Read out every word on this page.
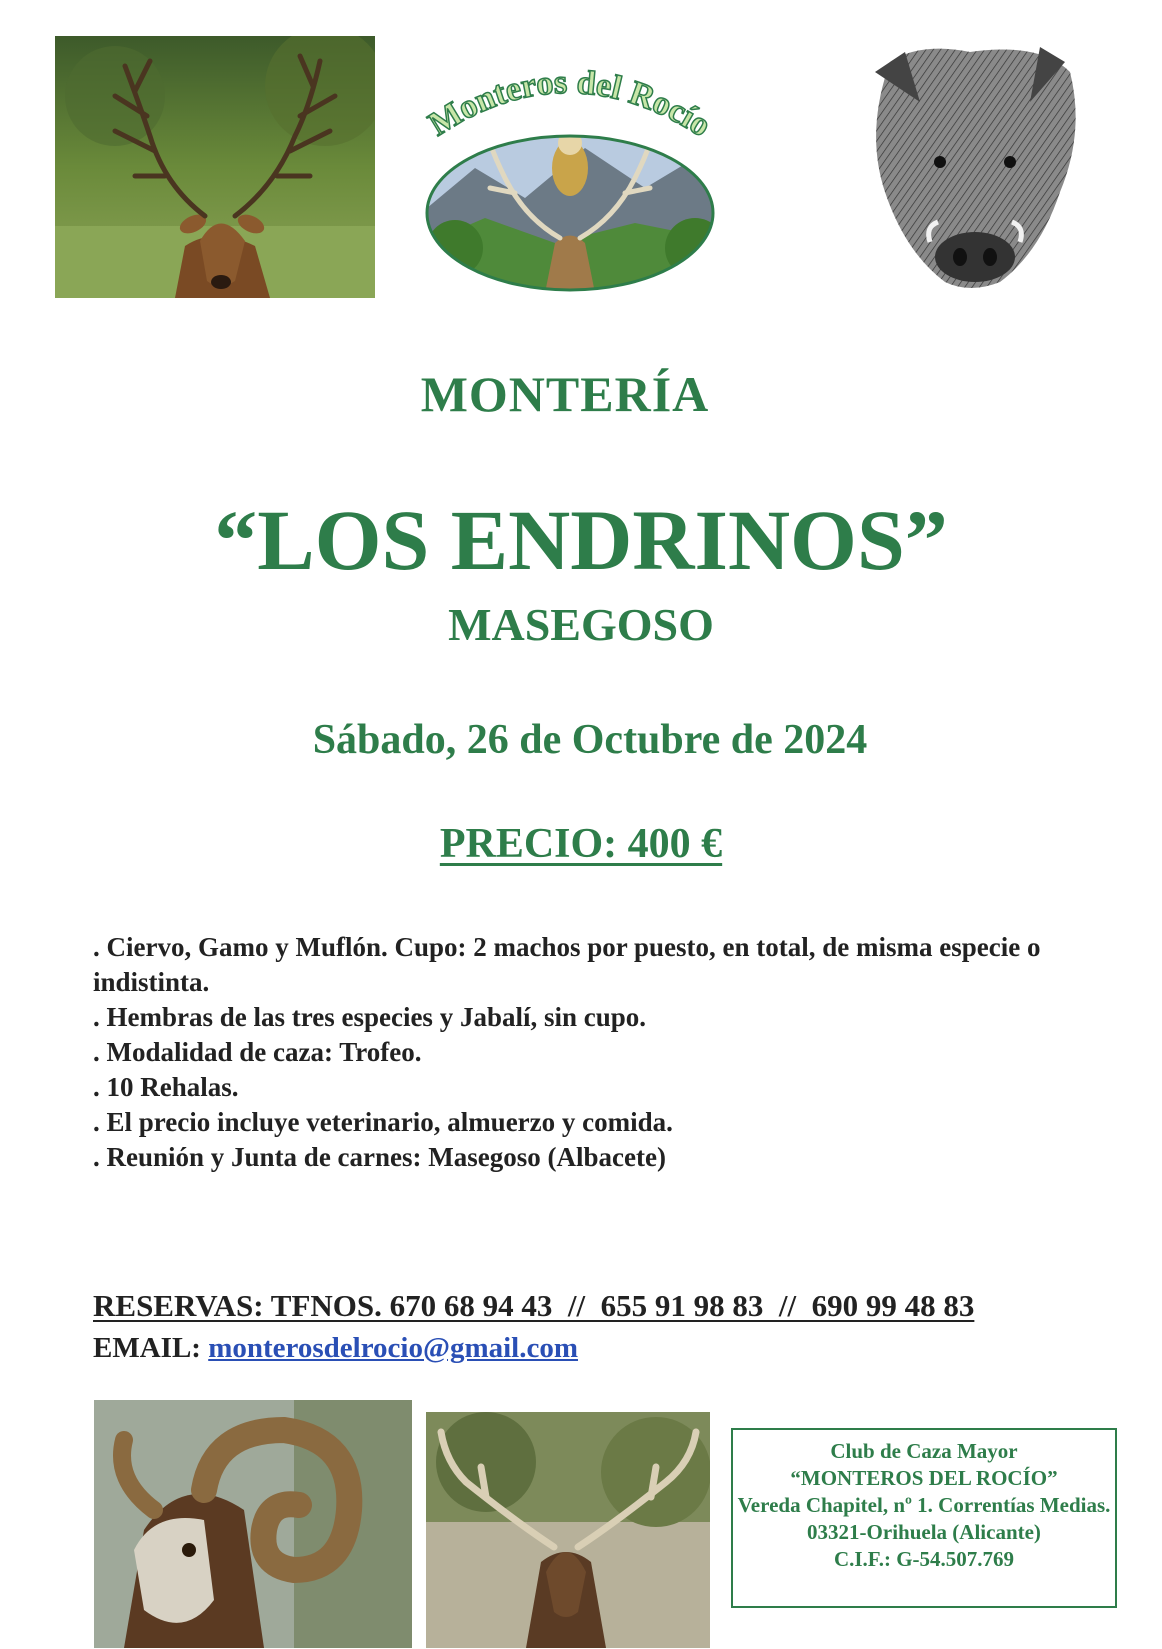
Monteros del Rocío
MONTERÍA
“LOS ENDRINOS”
MASEGOSO
Sábado, 26 de Octubre de 2024
PRECIO: 400 €
. Ciervo, Gamo y Muflón. Cupo: 2 machos por puesto, en total, de misma especie o indistinta.
. Hembras de las tres especies y Jabalí, sin cupo.
. Modalidad de caza: Trofeo.
. 10 Rehalas.
. El precio incluye veterinario, almuerzo y comida.
. Reunión y Junta de carnes: Masegoso (Albacete)
RESERVAS: TFNOS. 670 68 94 43  //  655 91 98 83  //  690 99 48 83
EMAIL: monterosdelrocio@gmail.com
Club de Caza Mayor
“MONTEROS DEL ROCÍO”
Vereda Chapitel, nº 1. Correntías Medias.
03321-Orihuela (Alicante)
C.I.F.: G-54.507.769
